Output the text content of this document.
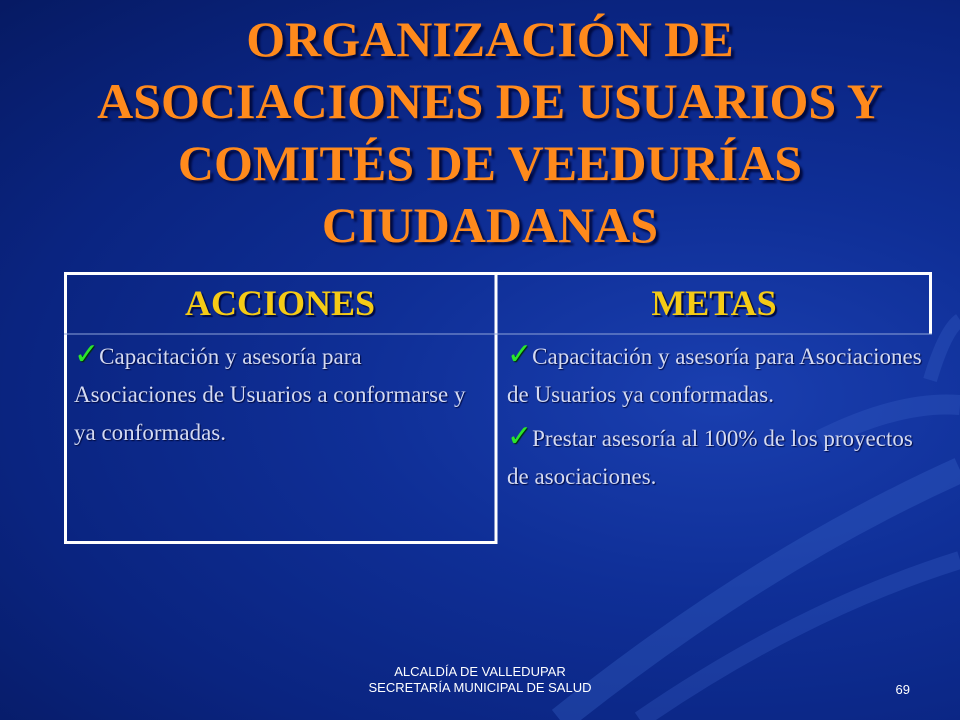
ORGANIZACIÓN DE
ASOCIACIONES DE USUARIOS Y
COMITÉS DE VEEDURÍAS
CIUDADANAS
ACCIONES	METAS
✓Capacitación y asesoría para Asociaciones de Usuarios a conformarse y ya conformadas.
✓Capacitación y asesoría para Asociaciones de Usuarios ya conformadas.
✓Prestar asesoría al 100% de los proyectos de asociaciones.
ALCALDÍA DE VALLEDUPAR
SECRETARÍA MUNICIPAL DE SALUD	69
